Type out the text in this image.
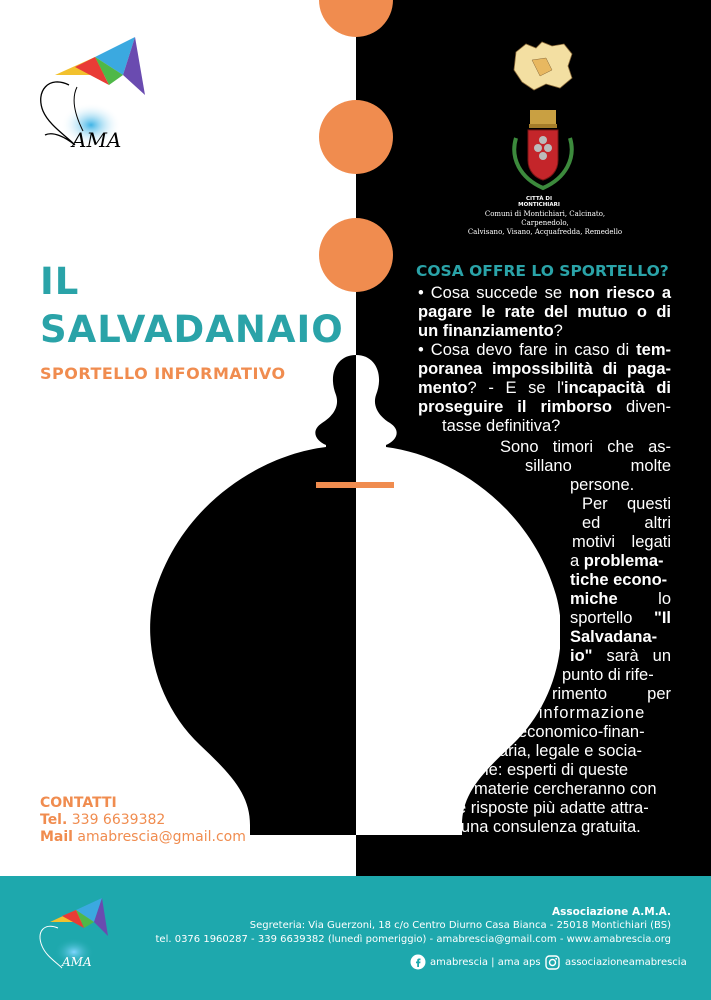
AMA
IL
SALVADANAIO
SPORTELLO INFORMATIVO
CITTÀ DI MONTICHIARI
Comuni di Montichiari, Calcinato, Carpenedolo,
Calvisano, Visano, Acquafredda, Remedello
COSA OFFRE LO SPORTELLO?
• Cosa succede se non riesco a
pagare le rate del mutuo o di
un finanziamento?
• Cosa devo fare in caso di tem-
poranea impossibilità di paga-
mento? - E se l'incapacità di
proseguire il rimborso diven-
tasse definitiva?
Sono timori che as-
sillano molte
persone.
Per questi
ed altri
motivi legati
a problema-
tiche econo-
miche lo
sportello "Il
Salvadana-
io" sarà un
punto di rife-
rimento per
l'informazione
economico-finan-
ziaria, legale e socia-
le: esperti di queste
materie cercheranno con
te le risposte più adatte attra-
verso una consulenza gratuita.
CONTATTI
Tel. 339 6639382
Mail amabrescia@gmail.com
AMA
Associazione A.M.A.
Segreteria: Via Guerzoni, 18 c/o Centro Diurno Casa Bianca - 25018 Montichiari (BS)
tel. 0376 1960287 - 339 6639382 (lunedì pomeriggio) - amabrescia@gmail.com - www.amabrescia.org
amabrescia | ama aps associazioneamabrescia
